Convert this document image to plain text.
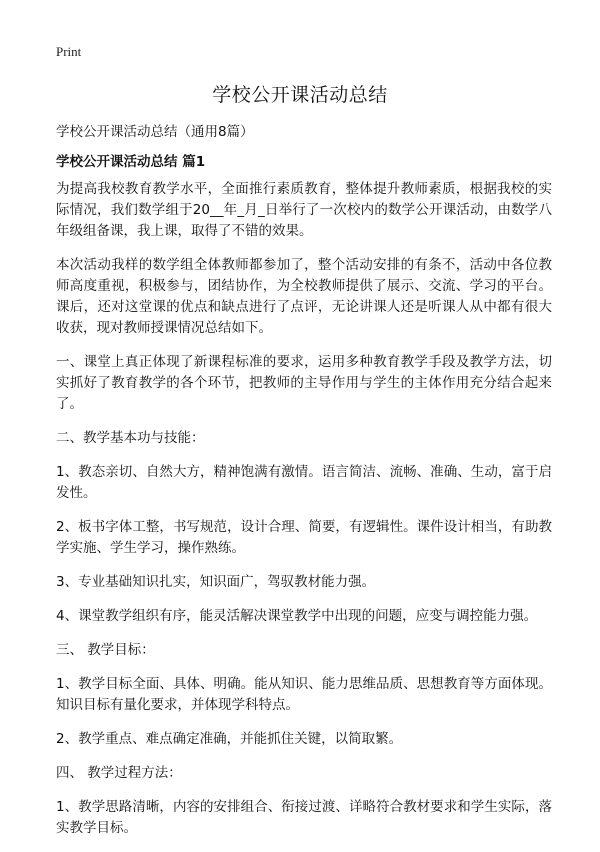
Print
学校公开课活动总结
学校公开课活动总结（通用8篇）
学校公开课活动总结 篇1

为提高我校教育教学水平，全面推行素质教育，整体提升教师素质，根据我校的实际情况，我们数学组于20__年_月_日举行了一次校内的数学公开课活动，由数学八年级组备课，我上课，取得了不错的效果。

本次活动我样的数学组全体教师都参加了，整个活动安排的有条不，活动中各位教师高度重视，积极参与，团结协作，为全校教师提供了展示、交流、学习的平台。课后，还对这堂课的优点和缺点进行了点评，无论讲课人还是听课人从中都有很大收获，现对教师授课情况总结如下。

一、课堂上真正体现了新课程标准的要求，运用多种教育教学手段及教学方法，切实抓好了教育教学的各个环节，把教师的主导作用与学生的主体作用充分结合起来了。

二、教学基本功与技能：

1、教态亲切、自然大方，精神饱满有激情。语言简洁、流畅、准确、生动，富于启发性。

2、板书字体工整，书写规范，设计合理、简要，有逻辑性。课件设计相当，有助教学实施、学生学习，操作熟练。

3、专业基础知识扎实，知识面广，驾驭教材能力强。

4、课堂教学组织有序，能灵活解决课堂教学中出现的问题，应变与调控能力强。

三、 教学目标：

1、教学目标全面、具体、明确。能从知识、能力思维品质、思想教育等方面体现。知识目标有量化要求，并体现学科特点。

2、教学重点、难点确定准确，并能抓住关键，以简取繁。

四、 教学过程方法：

1、教学思路清晰，内容的安排组合、衔接过渡、详略符合教材要求和学生实际，落实教学目标。
